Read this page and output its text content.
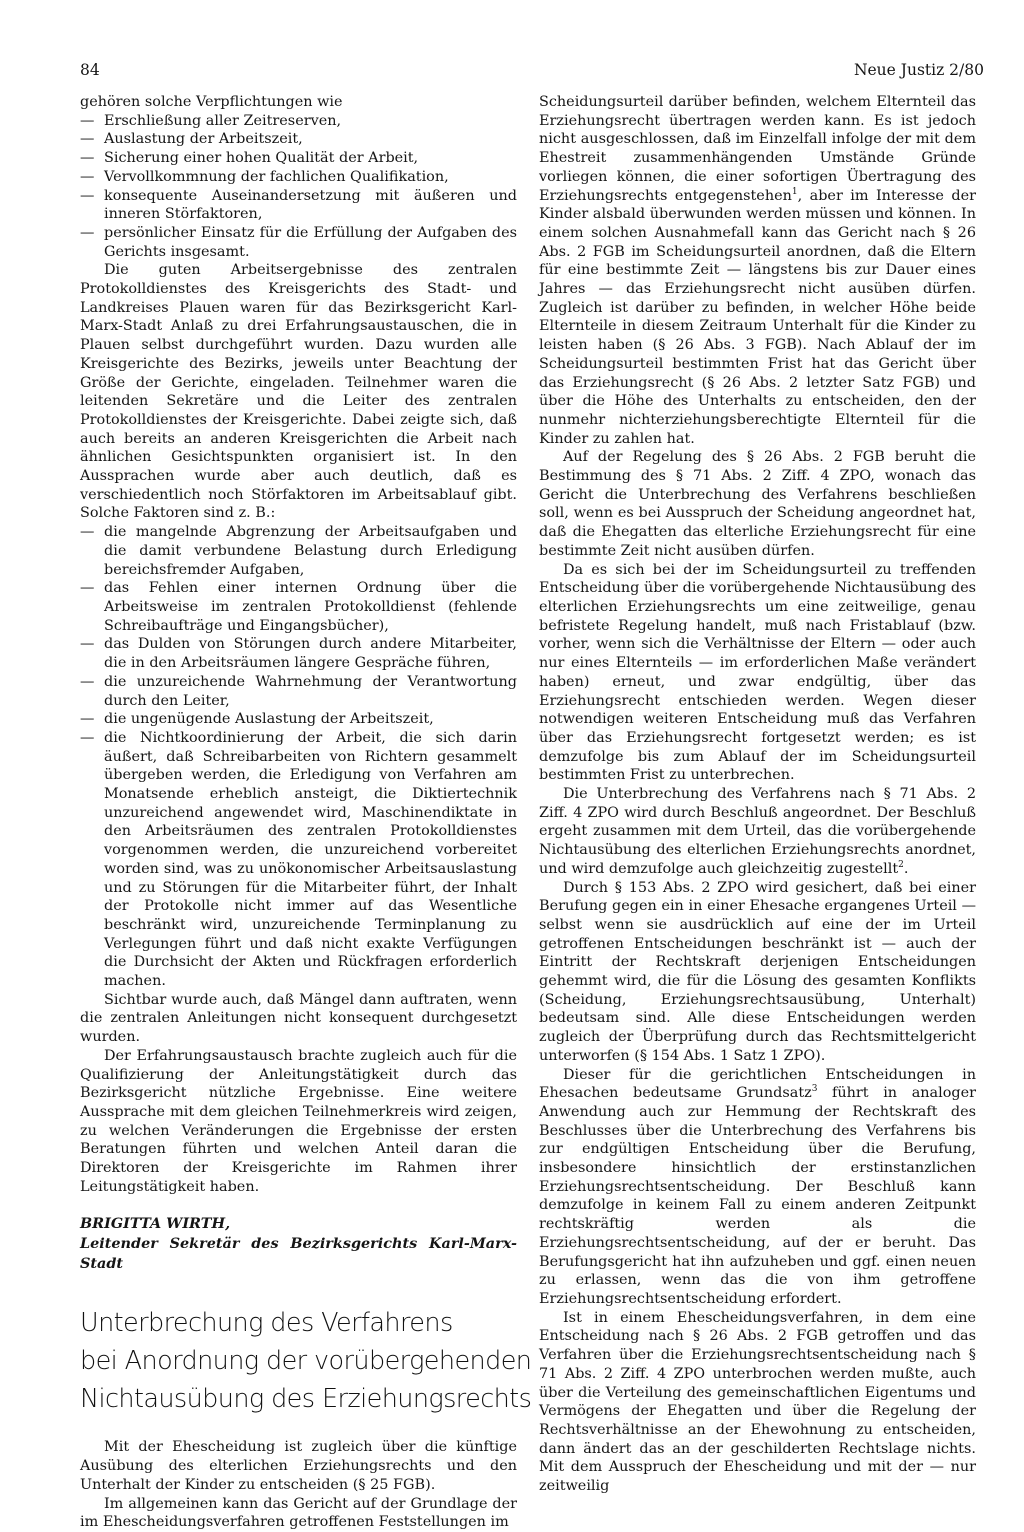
84	Neue Justiz 2/80

gehören solche Verpflichtungen wie

— Erschließung aller Zeitreserven,
— Auslastung der Arbeitszeit,
— Sicherung einer hohen Qualität der Arbeit,
— Vervollkommnung der fachlichen Qualifikation,
— konsequente Auseinandersetzung mit äußeren und inneren Störfaktoren,
— persönlicher Einsatz für die Erfüllung der Aufgaben des Gerichts insgesamt.

Die guten Arbeitsergebnisse des zentralen Protokolldienstes des Kreisgerichts des Stadt- und Landkreises Plauen waren für das Bezirksgericht Karl-Marx-Stadt Anlaß zu drei Erfahrungsaustauschen, die in Plauen selbst durchgeführt wurden. Dazu wurden alle Kreisgerichte des Bezirks, jeweils unter Beachtung der Größe der Gerichte, eingeladen. Teilnehmer waren die leitenden Sekretäre und die Leiter des zentralen Protokolldienstes der Kreisgerichte. Dabei zeigte sich, daß auch bereits an anderen Kreisgerichten die Arbeit nach ähnlichen Gesichtspunkten organisiert ist. In den Aussprachen wurde aber auch deutlich, daß es verschiedentlich noch Störfaktoren im Arbeitsablauf gibt. Solche Faktoren sind z. B.:

— die mangelnde Abgrenzung der Arbeitsaufgaben und die damit verbundene Belastung durch Erledigung bereichsfremder Aufgaben,
— das Fehlen einer internen Ordnung über die Arbeitsweise im zentralen Protokolldienst (fehlende Schreibaufträge und Eingangsbücher),
— das Dulden von Störungen durch andere Mitarbeiter, die in den Arbeitsräumen längere Gespräche führen,
— die unzureichende Wahrnehmung der Verantwortung durch den Leiter,
— die ungenügende Auslastung der Arbeitszeit,
— die Nichtkoordinierung der Arbeit, die sich darin äußert, daß Schreibarbeiten von Richtern gesammelt übergeben werden, die Erledigung von Verfahren am Monatsende erheblich ansteigt, die Diktiertechnik unzureichend angewendet wird, Maschinendiktate in den Arbeitsräumen des zentralen Protokolldienstes vorgenommen werden, die unzureichend vorbereitet worden sind, was zu unökonomischer Arbeitsauslastung und zu Störungen für die Mitarbeiter führt, der Inhalt der Protokolle nicht immer auf das Wesentliche beschränkt wird, unzureichende Terminplanung zu Verlegungen führt und daß nicht exakte Verfügungen die Durchsicht der Akten und Rückfragen erforderlich machen.

Sichtbar wurde auch, daß Mängel dann auftraten, wenn die zentralen Anleitungen nicht konsequent durchgesetzt wurden.

Der Erfahrungsaustausch brachte zugleich auch für die Qualifizierung der Anleitungstätigkeit durch das Bezirksgericht nützliche Ergebnisse. Eine weitere Aussprache mit dem gleichen Teilnehmerkreis wird zeigen, zu welchen Veränderungen die Ergebnisse der ersten Beratungen führten und welchen Anteil daran die Direktoren der Kreisgerichte im Rahmen ihrer Leitungstätigkeit haben.

BRIGITTA WIRTH,
Leitender Sekretär des Bezirksgerichts Karl-Marx-Stadt
Unterbrechung des Verfahrens
bei Anordnung der vorübergehenden
Nichtausübung des Erziehungsrechts

Mit der Ehescheidung ist zugleich über die künftige Ausübung des elterlichen Erziehungsrechts und den Unterhalt der Kinder zu entscheiden (§ 25 FGB).

Im allgemeinen kann das Gericht auf der Grundlage der im Ehescheidungsverfahren getroffenen Feststellungen im

Scheidungsurteil darüber befinden, welchem Elternteil das Erziehungsrecht übertragen werden kann. Es ist jedoch nicht ausgeschlossen, daß im Einzelfall infolge der mit dem Ehestreit zusammenhängenden Umstände Gründe vorliegen können, die einer sofortigen Übertragung des Erziehungsrechts entgegenstehen$^1$, aber im Interesse der Kinder alsbald überwunden werden müssen und können. In einem solchen Ausnahmefall kann das Gericht nach § 26 Abs. 2 FGB im Scheidungsurteil anordnen, daß die Eltern für eine bestimmte Zeit — längstens bis zur Dauer eines Jahres — das Erziehungsrecht nicht ausüben dürfen. Zugleich ist darüber zu befinden, in welcher Höhe beide Elternteile in diesem Zeitraum Unterhalt für die Kinder zu leisten haben (§ 26 Abs. 3 FGB). Nach Ablauf der im Scheidungsurteil bestimmten Frist hat das Gericht über das Erziehungsrecht (§ 26 Abs. 2 letzter Satz FGB) und über die Höhe des Unterhalts zu entscheiden, den der nunmehr nichterziehungsberechtigte Elternteil für die Kinder zu zahlen hat.

Auf der Regelung des § 26 Abs. 2 FGB beruht die Bestimmung des § 71 Abs. 2 Ziff. 4 ZPO, wonach das Gericht die Unterbrechung des Verfahrens beschließen soll, wenn es bei Ausspruch der Scheidung angeordnet hat, daß die Ehegatten das elterliche Erziehungsrecht für eine bestimmte Zeit nicht ausüben dürfen.

Da es sich bei der im Scheidungsurteil zu treffenden Entscheidung über die vorübergehende Nichtausübung des elterlichen Erziehungsrechts um eine zeitweilige, genau befristete Regelung handelt, muß nach Fristablauf (bzw. vorher, wenn sich die Verhältnisse der Eltern — oder auch nur eines Elternteils — im erforderlichen Maße verändert haben) erneut, und zwar endgültig, über das Erziehungsrecht entschieden werden. Wegen dieser notwendigen weiteren Entscheidung muß das Verfahren über das Erziehungsrecht fortgesetzt werden; es ist demzufolge bis zum Ablauf der im Scheidungsurteil bestimmten Frist zu unterbrechen.

Die Unterbrechung des Verfahrens nach § 71 Abs. 2 Ziff. 4 ZPO wird durch Beschluß angeordnet. Der Beschluß ergeht zusammen mit dem Urteil, das die vorübergehende Nichtausübung des elterlichen Erziehungsrechts anordnet, und wird demzufolge auch gleichzeitig zugestellt$^2$.

Durch § 153 Abs. 2 ZPO wird gesichert, daß bei einer Berufung gegen ein in einer Ehesache ergangenes Urteil — selbst wenn sie ausdrücklich auf eine der im Urteil getroffenen Entscheidungen beschränkt ist — auch der Eintritt der Rechtskraft derjenigen Entscheidungen gehemmt wird, die für die Lösung des gesamten Konflikts (Scheidung, Erziehungsrechtsausübung, Unterhalt) bedeutsam sind. Alle diese Entscheidungen werden zugleich der Überprüfung durch das Rechtsmittelgericht unterworfen (§ 154 Abs. 1 Satz 1 ZPO).

Dieser für die gerichtlichen Entscheidungen in Ehesachen bedeutsame Grundsatz$^3$ führt in analoger Anwendung auch zur Hemmung der Rechtskraft des Beschlusses über die Unterbrechung des Verfahrens bis zur endgültigen Entscheidung über die Berufung, insbesondere hinsichtlich der erstinstanzlichen Erziehungsrechtsentscheidung. Der Beschluß kann demzufolge in keinem Fall zu einem anderen Zeitpunkt rechtskräftig werden als die Erziehungsrechtsentscheidung, auf der er beruht. Das Berufungsgericht hat ihn aufzuheben und ggf. einen neuen zu erlassen, wenn das die von ihm getroffene Erziehungsrechtsentscheidung erfordert.

Ist in einem Ehescheidungsverfahren, in dem eine Entscheidung nach § 26 Abs. 2 FGB getroffen und das Verfahren über die Erziehungsrechtsentscheidung nach § 71 Abs. 2 Ziff. 4 ZPO unterbrochen werden mußte, auch über die Verteilung des gemeinschaftlichen Eigentums und Vermögens der Ehegatten und über die Regelung der Rechtsverhältnisse an der Ehewohnung zu entscheiden, dann ändert das an der geschilderten Rechtslage nichts. Mit dem Ausspruch der Ehescheidung und mit der — nur zeitweilig
